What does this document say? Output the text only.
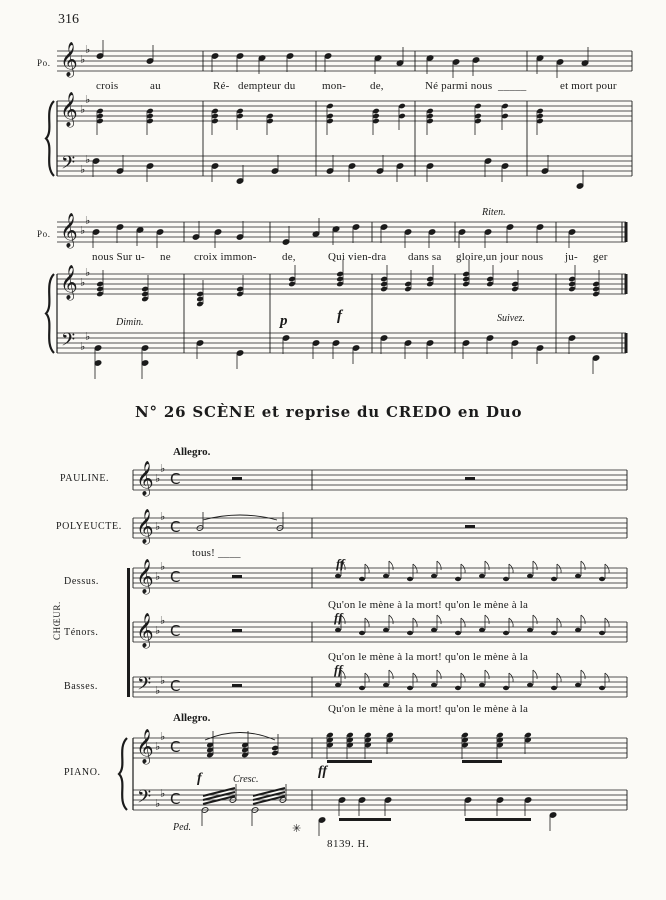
𝄞
𝄞
𝄢
♭
♭
♭
♭
♭
♭
𝄞
𝄞
𝄢
♭
♭
♭
♭
♭
♭
𝄞 ♭
♭
C
𝄞 ♭
♭
C
𝄞 ♭
♭
C
𝄞 ♭
♭
C
𝄢 ♭
♭ C
𝄞 ♭
♭
C
𝄢 ♭
♭ C
316
Po.
crois	au	Ré- dempteur du mon- de,	Né parmi nous _____	et mort pour
Po.
Riten.
nous Sur u- ne croix immon- de,	Qui vien-dra dans sa gloire,un jour nous ju- ger
Dimin.	p	f	Suivez.
N° 26 SCÈNE et reprise du CREDO en Duo
Allegro.
PAULINE.
POLYEUCTE.
tous! ____
Dessus.
Ténors.
Basses.
CHŒUR.
ff
ff
ff
Qu'on le mène à la mort! qu'on le mène à la
Qu'on le mène à la mort! qu'on le mène à la
Qu'on le mène à la mort! qu'on le mène à la
Allegro.
PIANO.	f	Cresc.
ff
Ped.	✳
8139. H.
